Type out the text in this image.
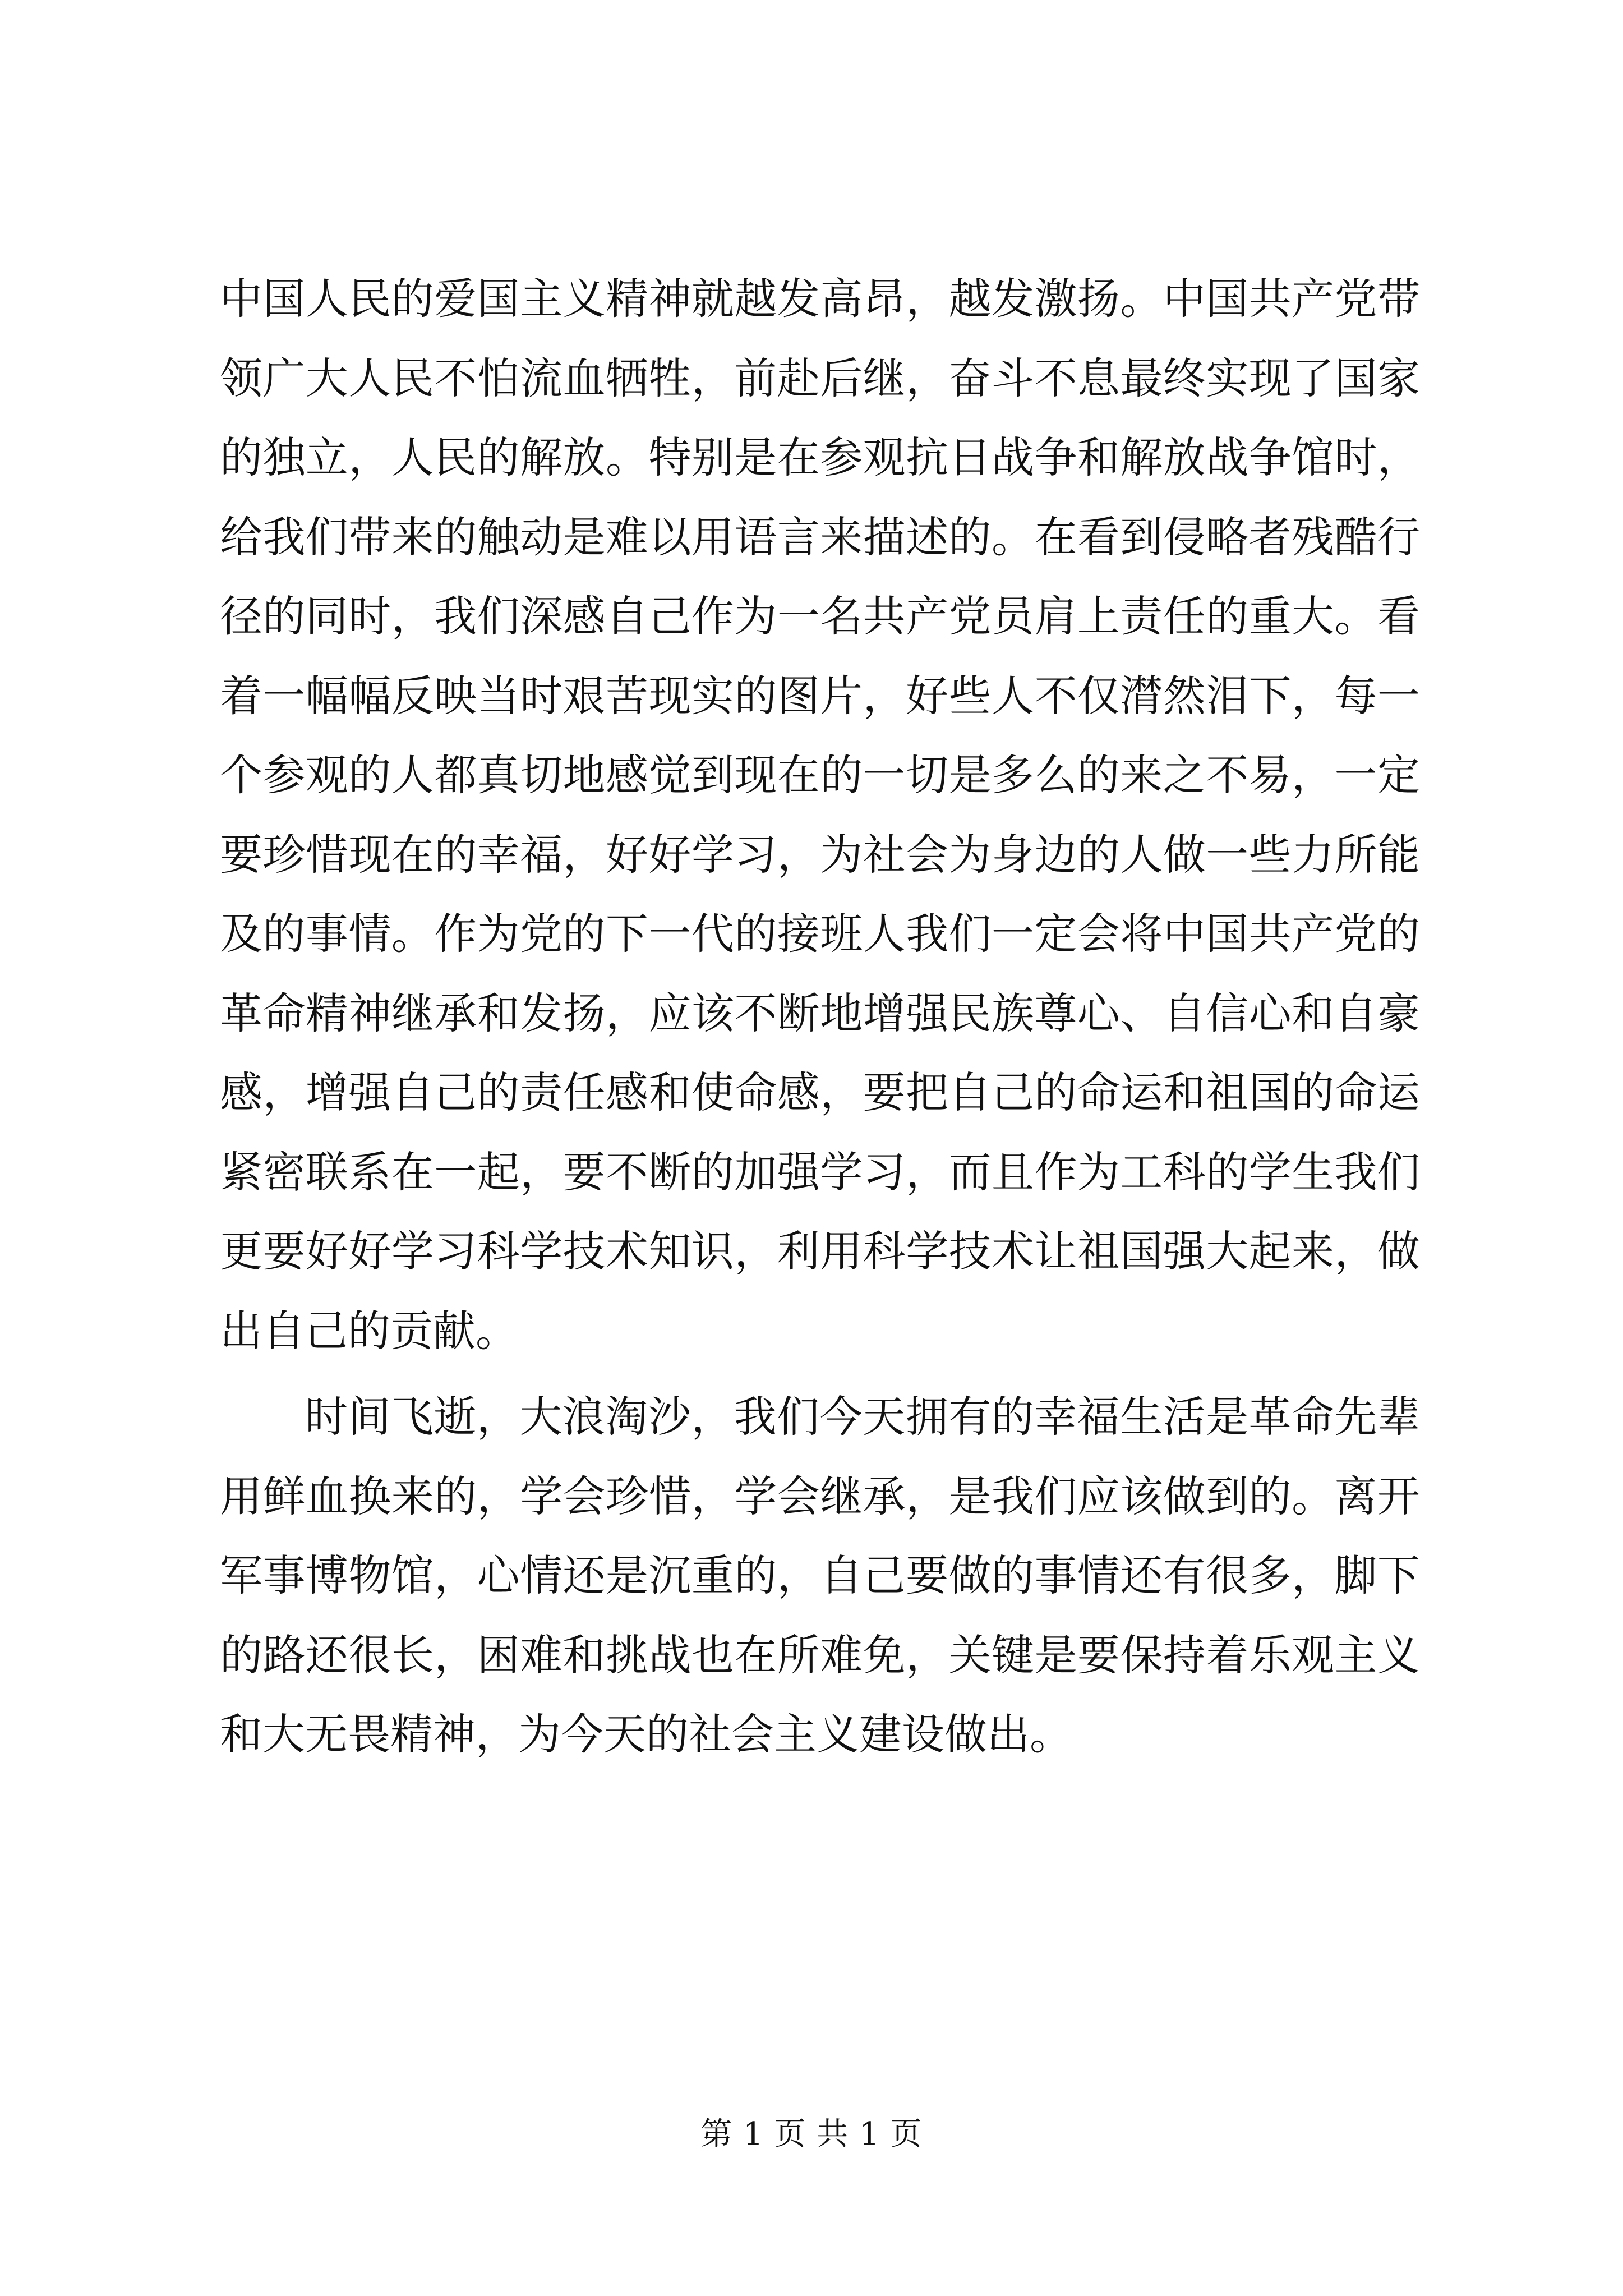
中国人民的爱国主义精神就越发高昂，越发激扬。中国共产党带
领广大人民不怕流血牺牲，前赴后继，奋斗不息最终实现了国家
的独立，人民的解放。特别是在参观抗日战争和解放战争馆时，
给我们带来的触动是难以用语言来描述的。在看到侵略者残酷行
径的同时，我们深感自己作为一名共产党员肩上责任的重大。看
着一幅幅反映当时艰苦现实的图片，好些人不仅潸然泪下，每一
个参观的人都真切地感觉到现在的一切是多么的来之不易，一定
要珍惜现在的幸福，好好学习，为社会为身边的人做一些力所能
及的事情。作为党的下一代的接班人我们一定会将中国共产党的
革命精神继承和发扬，应该不断地增强民族尊心、自信心和自豪
感，增强自己的责任感和使命感，要把自己的命运和祖国的命运
紧密联系在一起，要不断的加强学习，而且作为工科的学生我们
更要好好学习科学技术知识，利用科学技术让祖国强大起来，做
出自己的贡献。
时间飞逝，大浪淘沙，我们今天拥有的幸福生活是革命先辈
用鲜血换来的，学会珍惜，学会继承，是我们应该做到的。离开
军事博物馆，心情还是沉重的，自己要做的事情还有很多，脚下
的路还很长，困难和挑战也在所难免，关键是要保持着乐观主义
和大无畏精神，为今天的社会主义建设做出。
第 1 页 共 1 页
